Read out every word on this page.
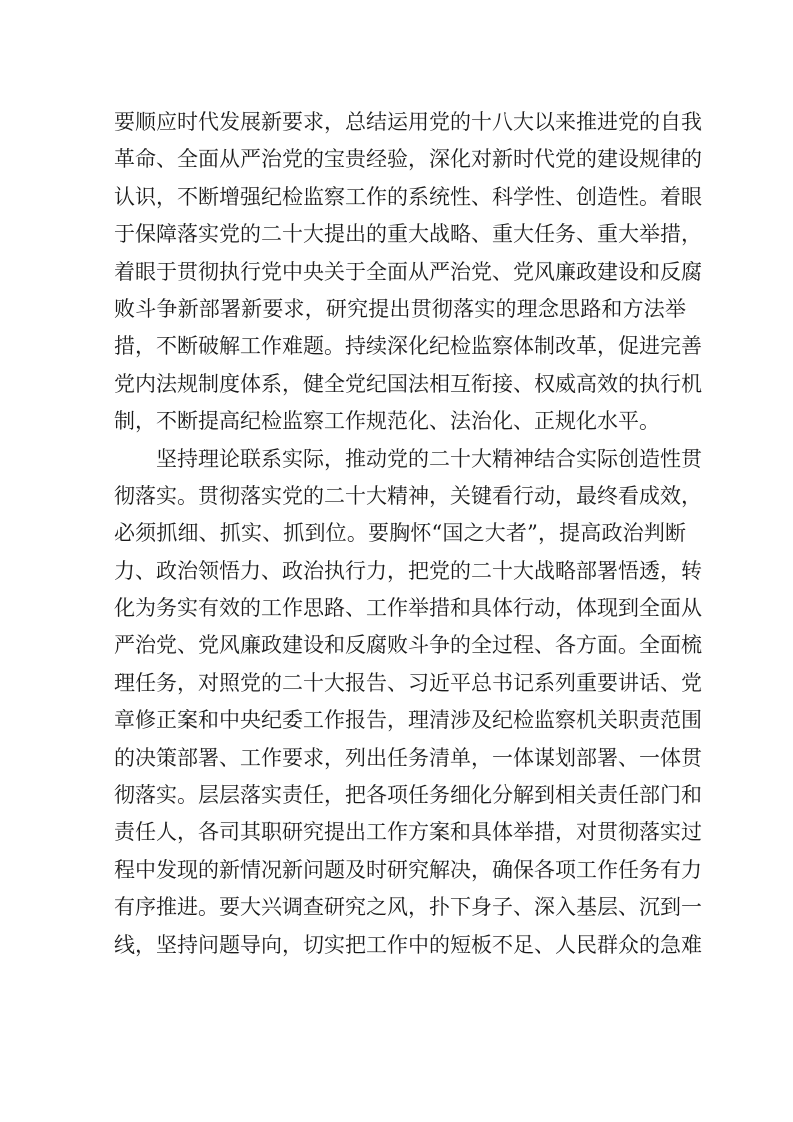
要顺应时代发展新要求，总结运用党的十八大以来推进党的自我
革命、全面从严治党的宝贵经验，深化对新时代党的建设规律的
认识，不断增强纪检监察工作的系统性、科学性、创造性。着眼
于保障落实党的二十大提出的重大战略、重大任务、重大举措，
着眼于贯彻执行党中央关于全面从严治党、党风廉政建设和反腐
败斗争新部署新要求，研究提出贯彻落实的理念思路和方法举
措，不断破解工作难题。持续深化纪检监察体制改革，促进完善
党内法规制度体系，健全党纪国法相互衔接、权威高效的执行机
制，不断提高纪检监察工作规范化、法治化、正规化水平。
坚持理论联系实际，推动党的二十大精神结合实际创造性贯
彻落实。贯彻落实党的二十大精神，关键看行动，最终看成效，
必须抓细、抓实、抓到位。要胸怀“国之大者”，提高政治判断
力、政治领悟力、政治执行力，把党的二十大战略部署悟透，转
化为务实有效的工作思路、工作举措和具体行动，体现到全面从
严治党、党风廉政建设和反腐败斗争的全过程、各方面。全面梳
理任务，对照党的二十大报告、习近平总书记系列重要讲话、党
章修正案和中央纪委工作报告，理清涉及纪检监察机关职责范围
的决策部署、工作要求，列出任务清单，一体谋划部署、一体贯
彻落实。层层落实责任，把各项任务细化分解到相关责任部门和
责任人，各司其职研究提出工作方案和具体举措，对贯彻落实过
程中发现的新情况新问题及时研究解决，确保各项工作任务有力
有序推进。要大兴调查研究之风，扑下身子、深入基层、沉到一
线，坚持问题导向，切实把工作中的短板不足、人民群众的急难
